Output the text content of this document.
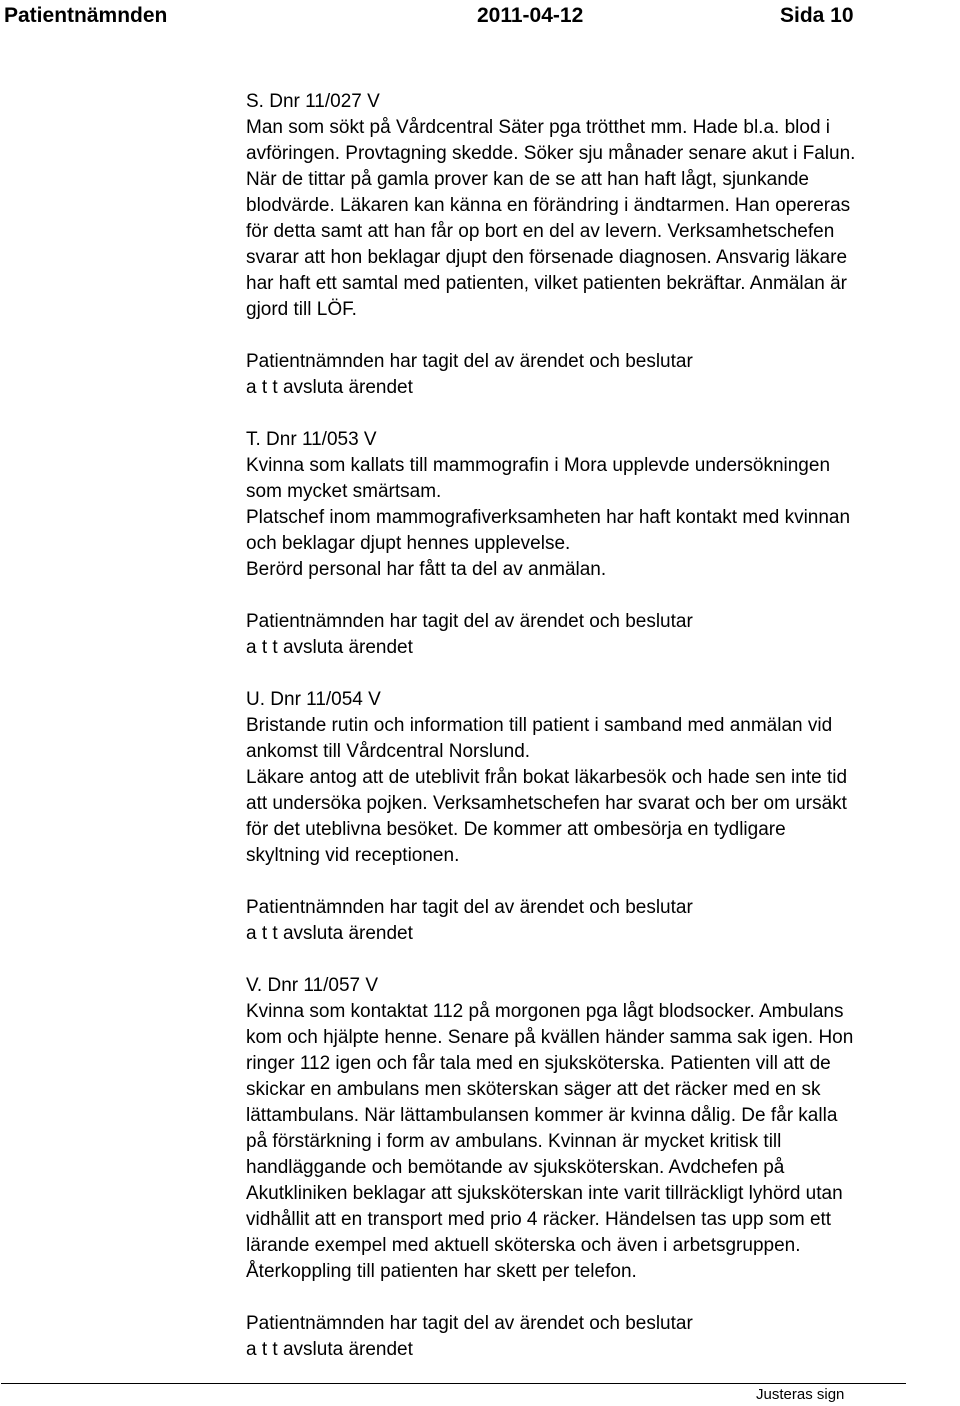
Patientnämnden	2011-04-12	Sida 10

S. Dnr 11/027 V

Man som sökt på Vårdcentral Säter pga trötthet mm. Hade bl.a. blod i

avföringen. Provtagning skedde. Söker sju månader senare akut i Falun.

När de tittar på gamla prover kan de se att han haft lågt, sjunkande

blodvärde. Läkaren kan känna en förändring i ändtarmen. Han opereras

för detta samt att han får op bort en del av levern. Verksamhetschefen

svarar att hon beklagar djupt den försenade diagnosen. Ansvarig läkare

har haft ett samtal med patienten, vilket patienten bekräftar. Anmälan är

gjord till LÖF.

Patientnämnden har tagit del av ärendet och beslutar

a t t avsluta ärendet

T. Dnr 11/053 V

Kvinna som kallats till mammografin i Mora upplevde undersökningen

som mycket smärtsam.

Platschef inom mammografiverksamheten har haft kontakt med kvinnan

och beklagar djupt hennes upplevelse.

Berörd personal har fått ta del av anmälan.

Patientnämnden har tagit del av ärendet och beslutar

a t t avsluta ärendet

U. Dnr 11/054 V

Bristande rutin och information till patient i samband med anmälan vid

ankomst till Vårdcentral Norslund.

Läkare antog att de uteblivit från bokat läkarbesök och hade sen inte tid

att undersöka pojken. Verksamhetschefen har svarat och ber om ursäkt

för det uteblivna besöket. De kommer att ombesörja en tydligare

skyltning vid receptionen.

Patientnämnden har tagit del av ärendet och beslutar

a t t avsluta ärendet

V. Dnr 11/057 V

Kvinna som kontaktat 112 på morgonen pga lågt blodsocker. Ambulans

kom och hjälpte henne. Senare på kvällen händer samma sak igen. Hon

ringer 112 igen och får tala med en sjuksköterska. Patienten vill att de

skickar en ambulans men sköterskan säger att det räcker med en sk

lättambulans. När lättambulansen kommer är kvinna dålig. De får kalla

på förstärkning i form av ambulans. Kvinnan är mycket kritisk till

handläggande och bemötande av sjuksköterskan. Avdchefen på

Akutkliniken beklagar att sjuksköterskan inte varit tillräckligt lyhörd utan

vidhållit att en transport med prio 4 räcker. Händelsen tas upp som ett

lärande exempel med aktuell sköterska och även i arbetsgruppen.

Återkoppling till patienten har skett per telefon.

Patientnämnden har tagit del av ärendet och beslutar

a t t avsluta ärendet

Justeras sign
